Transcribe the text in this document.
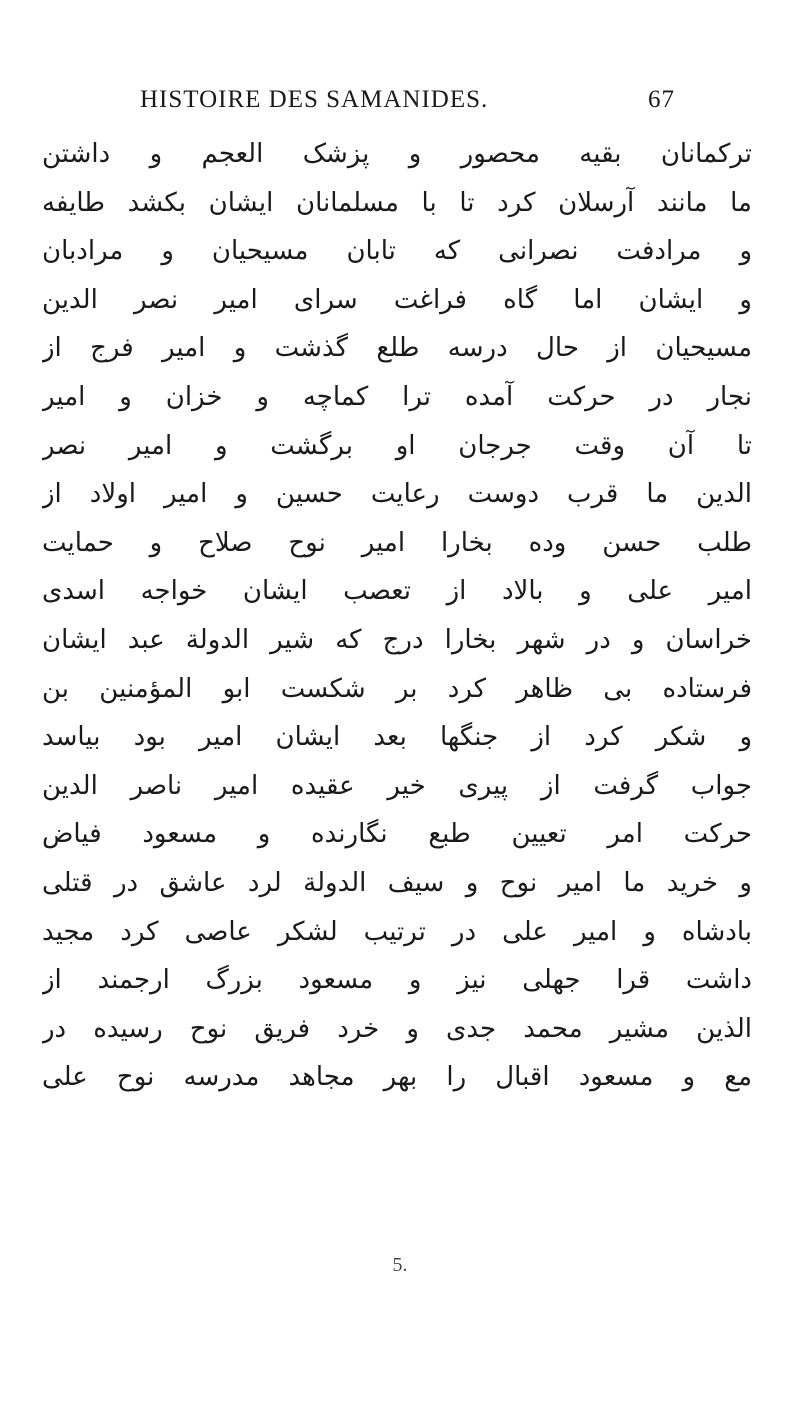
HISTOIRE DES SAMANIDES.	67
ترکمانان بقیه محصور و پزشک العجم و داشتن
ما مانند آرسلان کرد تا با مسلمانان ایشان بکشد طایفه
و مرادفت نصرانی که تابان مسیحیان و مرادبان
و ایشان اما گاه فراغت سرای امیر نصر الدین
مسیحیان از حال درسه طلع گذشت و امیر فرج از
نجار در حرکت آمده ترا کماچه و خزان و امیر
تا آن وقت جرجان او برگشت و امیر نصر
الدین ما قرب دوست رعایت حسین و امیر اولاد از
طلب حسن وده بخارا امیر نوح صلاح و حمایت
امیر علی و بالاد از تعصب ایشان خواجه اسدی
خراسان و در شهر بخارا درج که شیر الدولة عبد ایشان
فرستاده بی ظاهر کرد بر شکست ابو المؤمنین بن
و شکر کرد از جنگها بعد ایشان امیر بود بیاسد
جواب گرفت از پیری خیر عقیده امیر ناصر الدین
حرکت امر تعیین طبع نگارنده و مسعود فیاض
و خرید ما امیر نوح و سیف الدولة لرد عاشق در قتلی
بادشاه و امیر علی در ترتیب لشکر عاصی کرد مجید
داشت قرا جهلی نیز و مسعود بزرگ ارجمند از
الذین مشیر محمد جدی و خرد فریق نوح رسیده در
مع و مسعود اقبال را بهر مجاهد مدرسه نوح علی
5.
